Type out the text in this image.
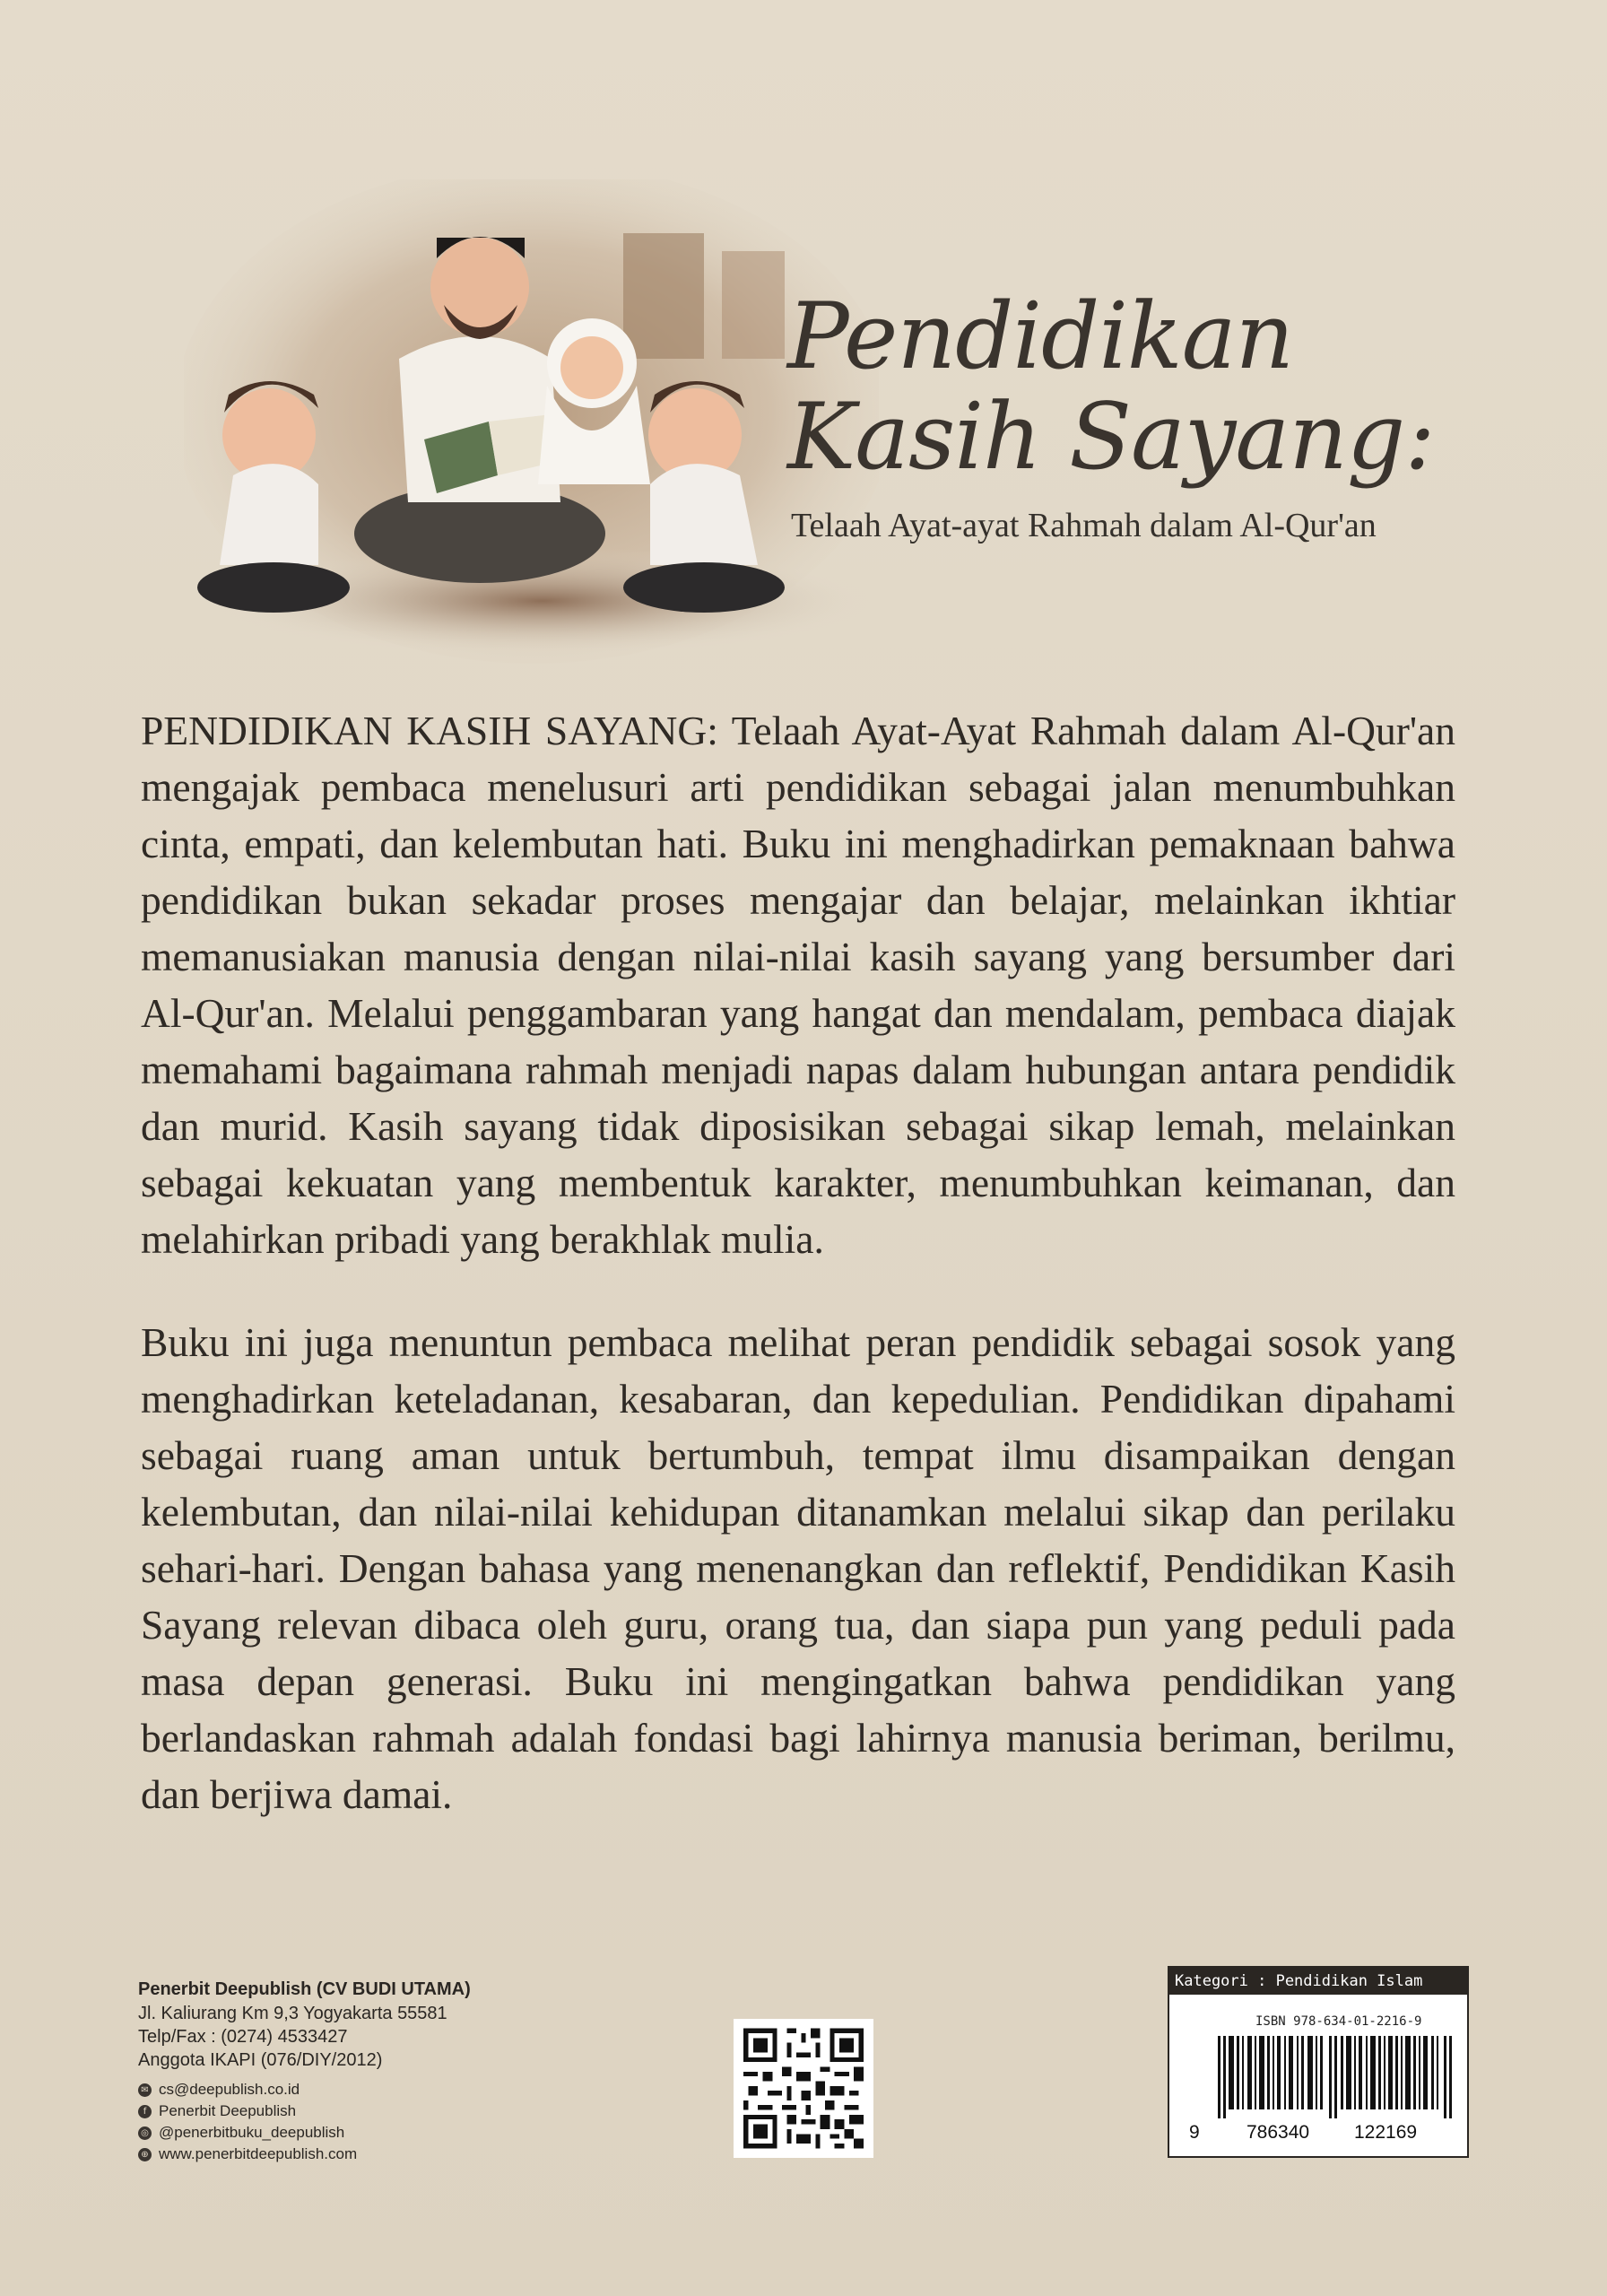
Pendidikan
Kasih Sayang:
Telaah Ayat-ayat Rahmah dalam Al-Qur'an

PENDIDIKAN KASIH SAYANG: Telaah Ayat-Ayat Rahmah dalam Al-Qur'an mengajak pembaca menelusuri arti pendidikan sebagai jalan menumbuhkan cinta, empati, dan kelembutan hati. Buku ini menghadirkan pemaknaan bahwa pendidikan bukan sekadar proses mengajar dan belajar, melainkan ikhtiar memanusiakan manusia dengan nilai-nilai kasih sayang yang bersumber dari Al-Qur'an. Melalui penggambaran yang hangat dan mendalam, pembaca diajak memahami bagaimana rahmah menjadi napas dalam hubungan antara pendidik dan murid. Kasih sayang tidak diposisikan sebagai sikap lemah, melainkan sebagai kekuatan yang membentuk karakter, menumbuhkan keimanan, dan melahirkan pribadi yang berakhlak mulia.

Buku ini juga menuntun pembaca melihat peran pendidik sebagai sosok yang menghadirkan keteladanan, kesabaran, dan kepedulian. Pendidikan dipahami sebagai ruang aman untuk bertumbuh, tempat ilmu disampaikan dengan kelembutan, dan nilai-nilai kehidupan ditanamkan melalui sikap dan perilaku sehari-hari. Dengan bahasa yang menenangkan dan reflektif, Pendidikan Kasih Sayang relevan dibaca oleh guru, orang tua, dan siapa pun yang peduli pada masa depan generasi. Buku ini mengingatkan bahwa pendidikan yang berlandaskan rahmah adalah fondasi bagi lahirnya manusia beriman, berilmu, dan berjiwa damai.

Penerbit Deepublish (CV BUDI UTAMA)
Jl. Kaliurang Km 9,3 Yogyakarta 55581
Telp/Fax : (0274) 4533427
Anggota IKAPI (076/DIY/2012)
✉ cs@deepublish.co.id
f Penerbit Deepublish
◎ @penerbitbuku_deepublish
⊕ www.penerbitdeepublish.com
Kategori : Pendidikan Islam
ISBN 978-634-01-2216-9
9 786340 122169
